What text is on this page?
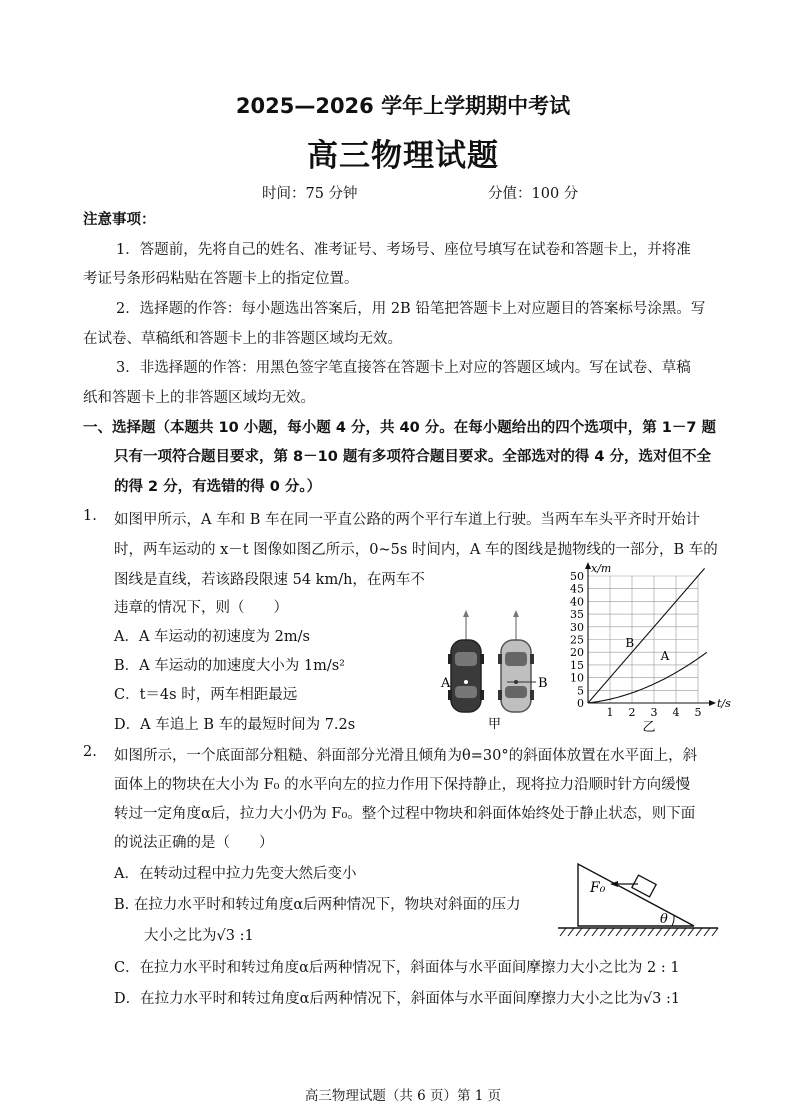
2025—2026 学年上学期期中考试
高三物理试题
时间：75 分钟	分值：100 分
注意事项：
1．答题前，先将自己的姓名、准考证号、考场号、座位号填写在试卷和答题卡上，并将准
考证号条形码粘贴在答题卡上的指定位置。
2．选择题的作答：每小题选出答案后，用 2B 铅笔把答题卡上对应题目的答案标号涂黑。写
在试卷、草稿纸和答题卡上的非答题区域均无效。
3．非选择题的作答：用黑色签字笔直接答在答题卡上对应的答题区域内。写在试卷、草稿
纸和答题卡上的非答题区域均无效。
一、选择题（本题共 10 小题，每小题 4 分，共 40 分。在每小题给出的四个选项中，第 1－7 题
只有一项符合题目要求，第 8－10 题有多项符合题目要求。全部选对的得 4 分，选对但不全
的得 2 分，有选错的得 0 分。）
1. 如图甲所示，A 车和 B 车在同一平直公路的两个平行车道上行驶。当两车车头平齐时开始计
时，两车运动的 x－t 图像如图乙所示，0~5s 时间内，A 车的图线是抛物线的一部分，B 车的
图线是直线，若该路段限速 54 km/h，在两车不
违章的情况下，则（　　）
A．A 车运动的初速度为 2m/s
B．A 车运动的加速度大小为 1m/s²
C．t＝4s 时，两车相距最远
D．A 车追上 B 车的最短时间为 7.2s
A	B
甲
0
5
10
15
20
25
30
35
40
45
50
1 2 3 4 5
t/s
x/m
A
B
乙
2. 如图所示，一个底面部分粗糙、斜面部分光滑且倾角为θ=30°的斜面体放置在水平面上，斜
面体上的物块在大小为 F₀ 的水平向左的拉力作用下保持静止，现将拉力沿顺时针方向缓慢
转过一定角度α后，拉力大小仍为 F₀。整个过程中物块和斜面体始终处于静止状态，则下面
的说法正确的是（　　）
A．在转动过程中拉力先变大然后变小
B. 在拉力水平时和转过角度α后两种情况下，物块对斜面的压力
大小之比为√3 :1
C．在拉力水平时和转过角度α后两种情况下，斜面体与水平面间摩擦力大小之比为 2 : 1
D．在拉力水平时和转过角度α后两种情况下，斜面体与水平面间摩擦力大小之比为√3 :1
F₀
θ
高三物理试题（共 6 页）第 1 页
